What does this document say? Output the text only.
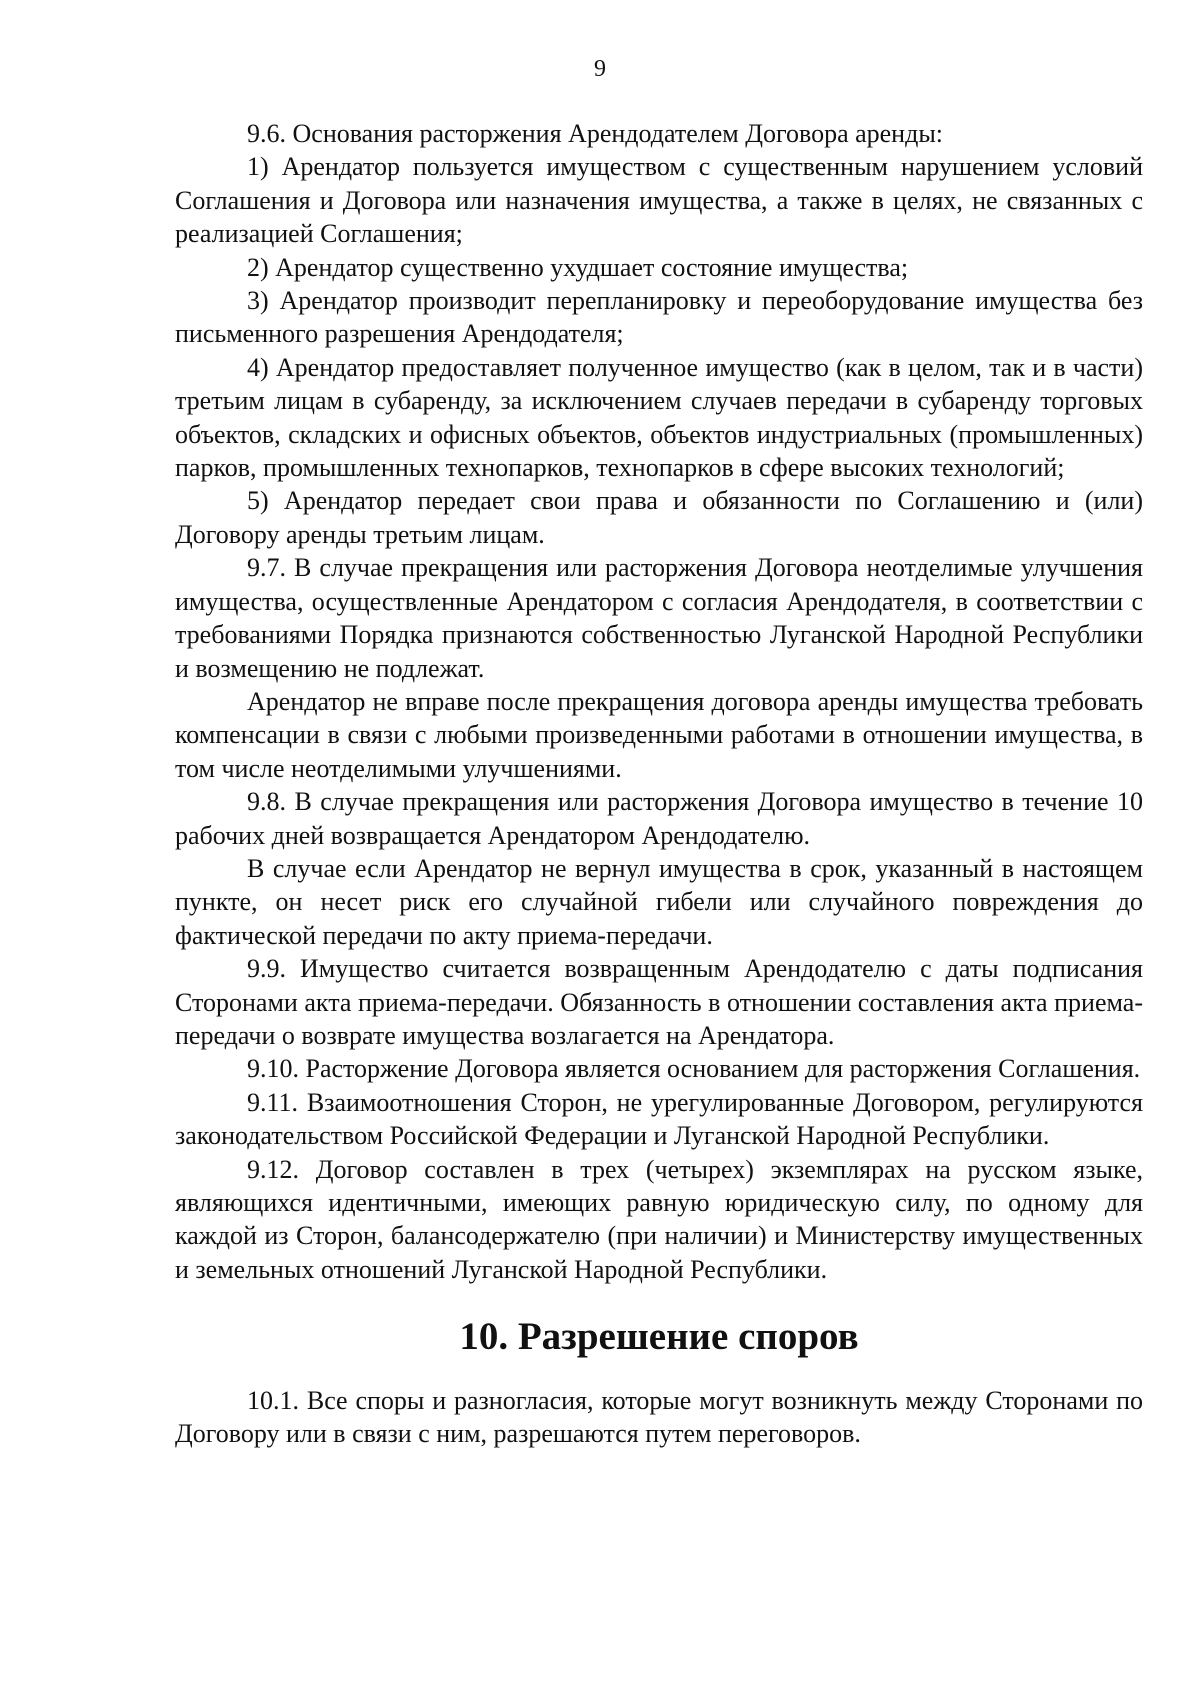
9

9.6. Основания расторжения Арендодателем Договора аренды:

1) Арендатор пользуется имуществом с существенным нарушением условий Соглашения и Договора или назначения имущества, а также в целях, не связанных с реализацией Соглашения;

2) Арендатор существенно ухудшает состояние имущества;

3) Арендатор производит перепланировку и переоборудование имущества без письменного разрешения Арендодателя;

4) Арендатор предоставляет полученное имущество (как в целом, так и в части) третьим лицам в субаренду, за исключением случаев передачи в субаренду торговых объектов, складских и офисных объектов, объектов индустриальных (промышленных) парков, промышленных технопарков, технопарков в сфере высоких технологий;

5) Арендатор передает свои права и обязанности по Соглашению и (или) Договору аренды третьим лицам.

9.7. В случае прекращения или расторжения Договора неотделимые улучшения имущества, осуществленные Арендатором с согласия Арендодателя, в соответствии с требованиями Порядка признаются собственностью Луганской Народной Республики и возмещению не подлежат.

Арендатор не вправе после прекращения договора аренды имущества требовать компенсации в связи с любыми произведенными работами в отношении имущества, в том числе неотделимыми улучшениями.

9.8. В случае прекращения или расторжения Договора имущество в течение 10 рабочих дней возвращается Арендатором Арендодателю.

В случае если Арендатор не вернул имущества в срок, указанный в настоящем пункте, он несет риск его случайной гибели или случайного повреждения до фактической передачи по акту приема-передачи.

9.9. Имущество считается возвращенным Арендодателю с даты подписания Сторонами акта приема-передачи. Обязанность в отношении составления акта приема-передачи о возврате имущества возлагается на Арендатора.

9.10. Расторжение Договора является основанием для расторжения Соглашения.

9.11. Взаимоотношения Сторон, не урегулированные Договором, регулируются законодательством Российской Федерации и Луганской Народной Республики.

9.12. Договор составлен в трех (четырех) экземплярах на русском языке, являющихся идентичными, имеющих равную юридическую силу, по одному для каждой из Сторон, балансодержателю (при наличии) и Министерству имущественных и земельных отношений Луганской Народной Республики.

10. Разрешение споров

10.1. Все споры и разногласия, которые могут возникнуть между Сторонами по Договору или в связи с ним, разрешаются путем переговоров.
